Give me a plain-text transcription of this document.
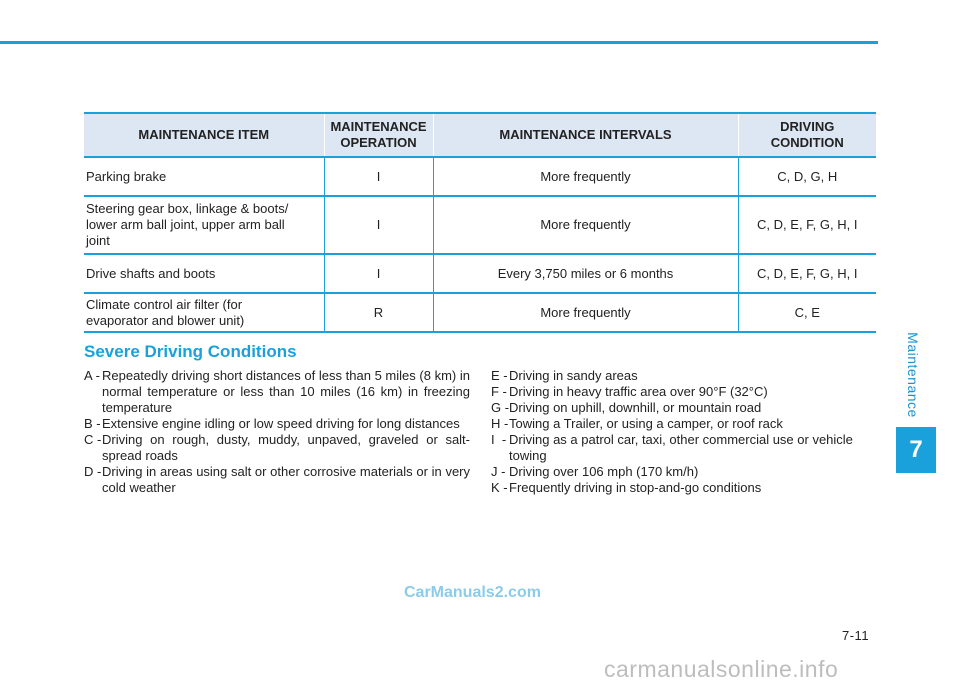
Maintenance
7
MAINTENANCE ITEM	MAINTENANCE OPERATION	MAINTENANCE INTERVALS	DRIVING CONDITION
Parking brake	I	More frequently	C, D, G, H
Steering gear box, linkage & boots/ lower arm ball joint, upper arm ball joint	I	More frequently	C, D, E, F, G, H, I
Drive shafts and boots	I	Every 3,750 miles or 6 months	C, D, E, F, G, H, I
Climate control air filter (for evaporator and blower unit)	R	More frequently	C, E
Severe Driving Conditions
A - Repeatedly driving short distances of less than 5 miles (8 km) in normal temperature or less than 10 miles (16 km) in freezing temperature
B - Extensive engine idling or low speed driving for long distances
C - Driving on rough, dusty, muddy, unpaved, graveled or salt-spread roads
D - Driving in areas using salt or other corrosive materials or in very cold weather
E - Driving in sandy areas
F - Driving in heavy traffic area over 90°F (32°C)
G - Driving on uphill, downhill, or mountain road
H - Towing a Trailer, or using a camper, or roof rack
I  - Driving as a patrol car, taxi, other commercial use or vehicle towing
J - Driving over 106 mph (170 km/h)
K - Frequently driving in stop-and-go conditions
CarManuals2.com
7-11
carmanualsonline.info
